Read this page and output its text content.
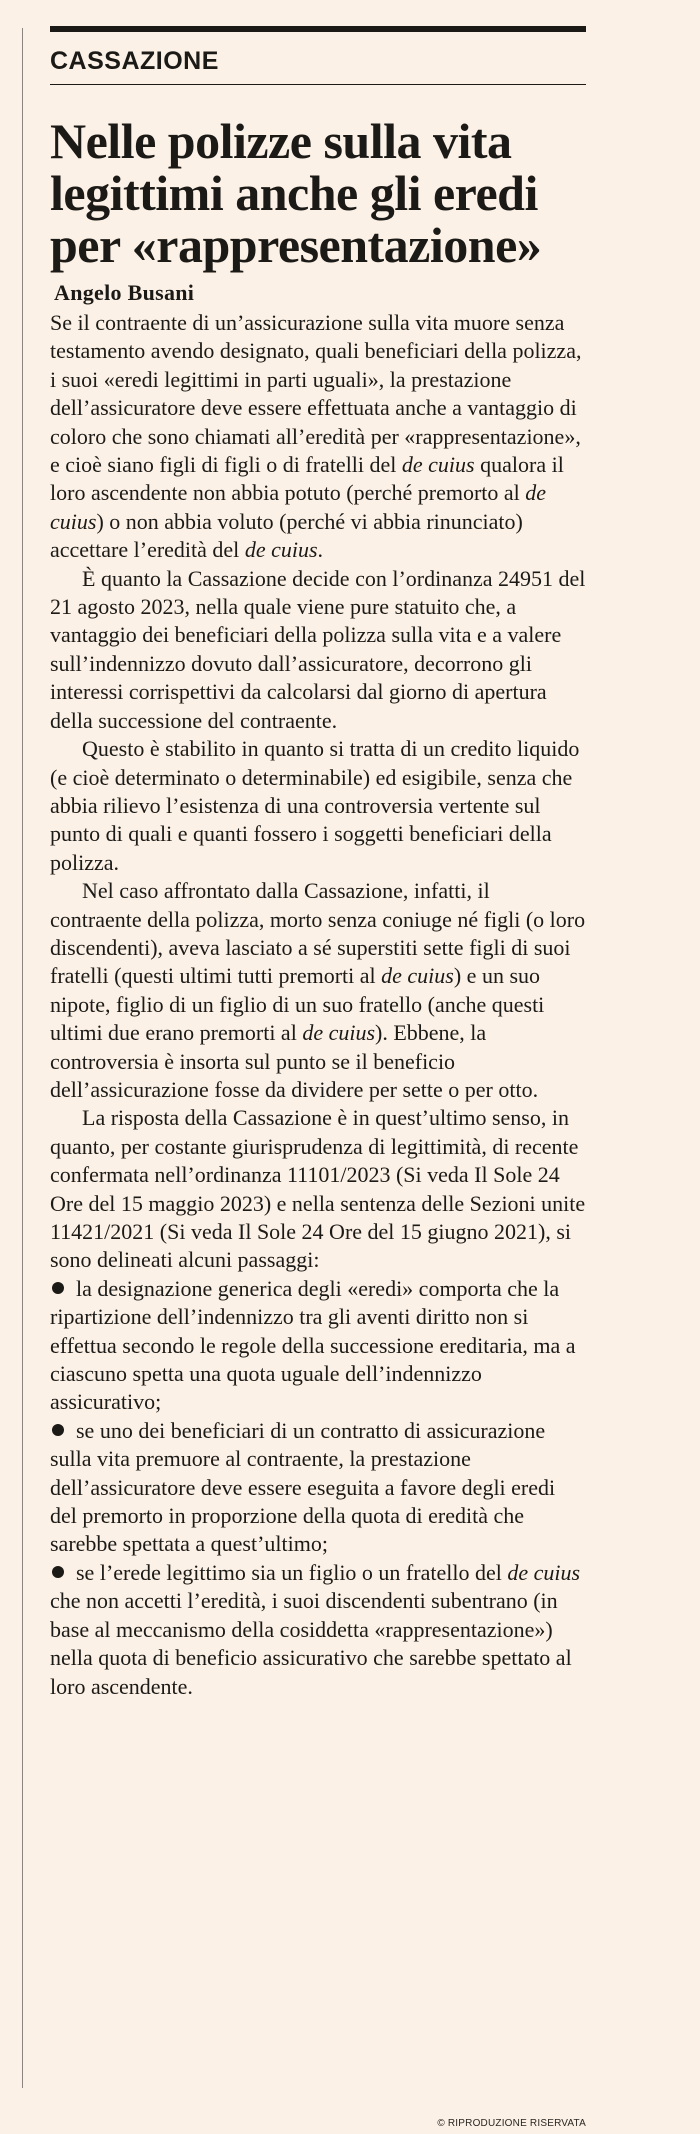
CASSAZIONE
Nelle polizze sulla vita legittimi anche gli eredi per «rappresentazione»
Angelo Busani

Se il contraente di un’assicurazione sulla vita muore senza testamento avendo designato, quali beneficiari della polizza, i suoi «eredi legittimi in parti uguali», la prestazione dell’assicuratore deve essere effettuata anche a vantaggio di coloro che sono chiamati all’eredità per «rappresentazione», e cioè siano figli di figli o di fratelli del de cuius qualora il loro ascendente non abbia potuto (perché premorto al de cuius) o non abbia voluto (perché vi abbia rinunciato) accettare l’eredità del de cuius.

È quanto la Cassazione decide con l’ordinanza 24951 del 21 agosto 2023, nella quale viene pure statuito che, a vantaggio dei beneficiari della polizza sulla vita e a valere sull’indennizzo dovuto dall’assicuratore, decorrono gli interessi corrispettivi da calcolarsi dal giorno di apertura della successione del contraente.

Questo è stabilito in quanto si tratta di un credito liquido (e cioè determinato o determinabile) ed esigibile, senza che abbia rilievo l’esistenza di una controversia vertente sul punto di quali e quanti fossero i soggetti beneficiari della polizza.

Nel caso affrontato dalla Cassazione, infatti, il contraente della polizza, morto senza coniuge né figli (o loro discendenti), aveva lasciato a sé superstiti sette figli di suoi fratelli (questi ultimi tutti premorti al de cuius) e un suo nipote, figlio di un figlio di un suo fratello (anche questi ultimi due erano premorti al de cuius). Ebbene, la controversia è insorta sul punto se il beneficio dell’assicurazione fosse da dividere per sette o per otto.

La risposta della Cassazione è in quest’ultimo senso, in quanto, per costante giurisprudenza di legittimità, di recente confermata nell’ordinanza 11101/2023 (Si veda Il Sole 24 Ore del 15 maggio 2023) e nella sentenza delle Sezioni unite 11421/2021 (Si veda Il Sole 24 Ore del 15 giugno 2021), si sono delineati alcuni passaggi:

la designazione generica degli «eredi» comporta che la ripartizione dell’indennizzo tra gli aventi diritto non si effettua secondo le regole della successione ereditaria, ma a ciascuno spetta una quota uguale dell’indennizzo assicurativo;
se uno dei beneficiari di un contratto di assicurazione sulla vita premuore al contraente, la prestazione dell’assicuratore deve essere eseguita a favore degli eredi del premorto in proporzione della quota di eredità che sarebbe spettata a quest’ultimo;
se l’erede legittimo sia un figlio o un fratello del de cuius che non accetti l’eredità, i suoi discendenti subentrano (in base al meccanismo della cosiddetta «rappresentazione») nella quota di beneficio assicurativo che sarebbe spettato al loro ascendente.
© RIPRODUZIONE RISERVATA
